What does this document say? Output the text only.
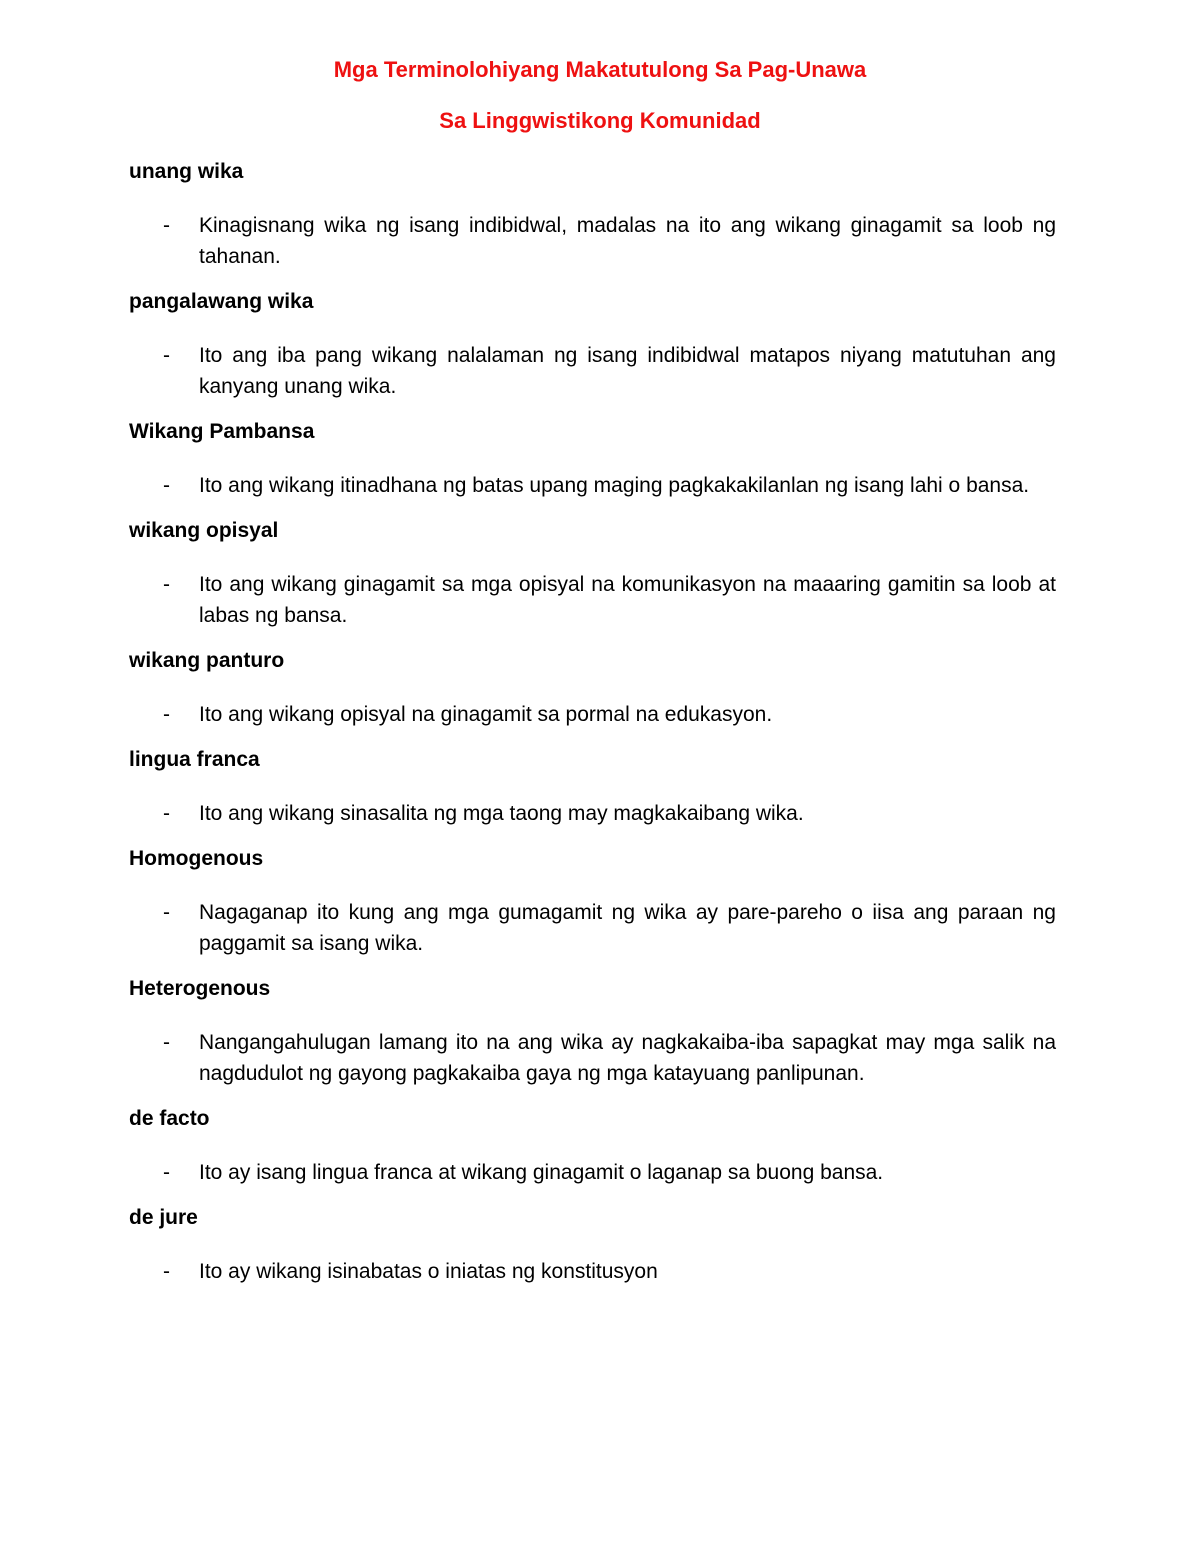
Mga Terminolohiyang Makatutulong Sa Pag-Unawa
Sa Linggwistikong Komunidad

unang wika

- Kinagisnang wika ng isang indibidwal, madalas na ito ang wikang ginagamit sa loob ng tahanan.

pangalawang wika

- Ito ang iba pang wikang nalalaman ng isang indibidwal matapos niyang matutuhan ang kanyang unang wika.

Wikang Pambansa

- Ito ang wikang itinadhana ng batas upang maging pagkakakilanlan ng isang lahi o bansa.

wikang opisyal

- Ito ang wikang ginagamit sa mga opisyal na komunikasyon na maaaring gamitin sa loob at labas ng bansa.

wikang panturo

- Ito ang wikang opisyal na ginagamit sa pormal na edukasyon.

lingua franca

- Ito ang wikang sinasalita ng mga taong may magkakaibang wika.

Homogenous

- Nagaganap ito kung ang mga gumagamit ng wika ay pare-pareho o iisa ang paraan ng paggamit sa isang wika.

Heterogenous

- Nangangahulugan lamang ito na ang wika ay nagkakaiba-iba sapagkat may mga salik na nagdudulot ng gayong pagkakaiba gaya ng mga katayuang panlipunan.

de facto

- Ito ay isang lingua franca at wikang ginagamit o laganap sa buong bansa.

de jure

- Ito ay wikang isinabatas o iniatas ng konstitusyon
